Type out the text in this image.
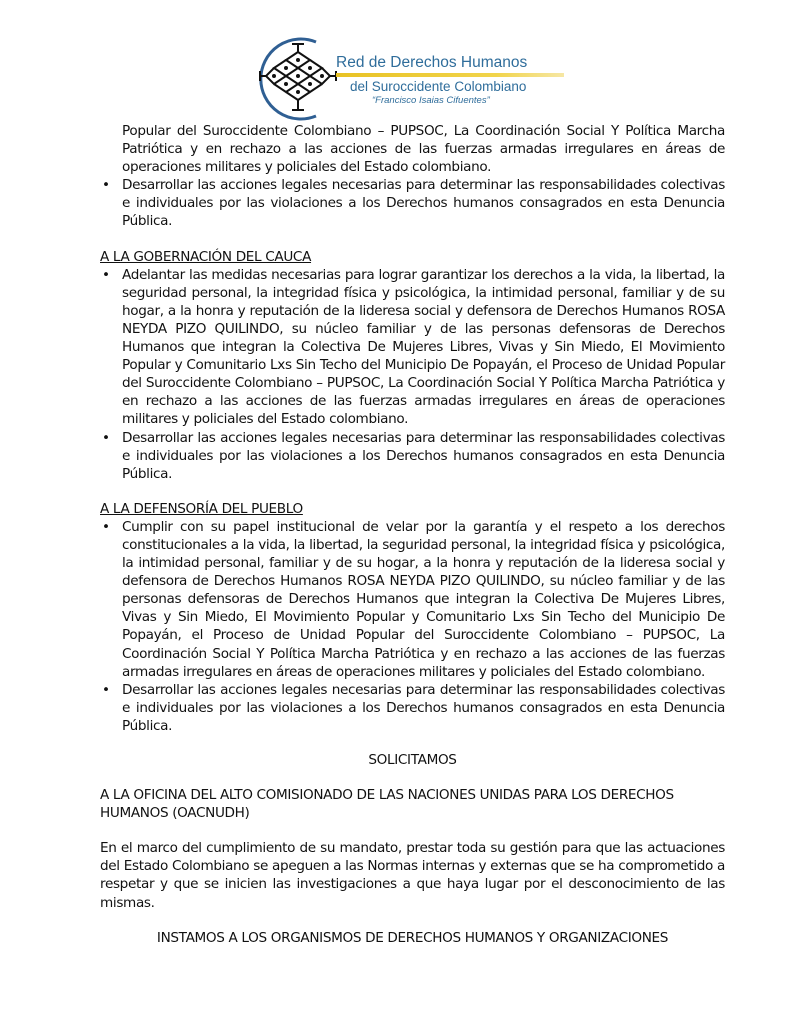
Red de Derechos Humanos
del Suroccidente Colombiano
“Francisco Isaias Cifuentes”
Popular del Suroccidente Colombiano – PUPSOC, La Coordinación Social Y Política Marcha Patriótica y en rechazo a las acciones de las fuerzas armadas irregulares en áreas de operaciones militares y policiales del Estado colombiano.
• Desarrollar las acciones legales necesarias para determinar las responsabilidades colectivas e individuales por las violaciones a los Derechos humanos consagrados en esta Denuncia Pública.
A LA GOBERNACIÓN DEL CAUCA
• Adelantar las medidas necesarias para lograr garantizar los derechos a la vida, la libertad, la seguridad personal, la integridad física y psicológica, la intimidad personal, familiar y de su hogar, a la honra y reputación de la lideresa social y defensora de Derechos Humanos ROSA NEYDA PIZO QUILINDO, su núcleo familiar y de las personas defensoras de Derechos Humanos que integran la Colectiva De Mujeres Libres, Vivas y Sin Miedo, El Movimiento Popular y Comunitario Lxs Sin Techo del Municipio De Popayán, el Proceso de Unidad Popular del Suroccidente Colombiano – PUPSOC, La Coordinación Social Y Política Marcha Patriótica y en rechazo a las acciones de las fuerzas armadas irregulares en áreas de operaciones militares y policiales del Estado colombiano.
• Desarrollar las acciones legales necesarias para determinar las responsabilidades colectivas e individuales por las violaciones a los Derechos humanos consagrados en esta Denuncia Pública.
A LA DEFENSORÍA DEL PUEBLO
• Cumplir con su papel institucional de velar por la garantía y el respeto a los derechos constitucionales a la vida, la libertad, la seguridad personal, la integridad física y psicológica, la intimidad personal, familiar y de su hogar, a la honra y reputación de la lideresa social y defensora de Derechos Humanos ROSA NEYDA PIZO QUILINDO, su núcleo familiar y de las personas defensoras de Derechos Humanos que integran la Colectiva De Mujeres Libres, Vivas y Sin Miedo, El Movimiento Popular y Comunitario Lxs Sin Techo del Municipio De Popayán, el Proceso de Unidad Popular del Suroccidente Colombiano – PUPSOC, La Coordinación Social Y Política Marcha Patriótica y en rechazo a las acciones de las fuerzas armadas irregulares en áreas de operaciones militares y policiales del Estado colombiano.
• Desarrollar las acciones legales necesarias para determinar las responsabilidades colectivas e individuales por las violaciones a los Derechos humanos consagrados en esta Denuncia Pública.
SOLICITAMOS
A LA OFICINA DEL ALTO COMISIONADO DE LAS NACIONES UNIDAS PARA LOS DERECHOS HUMANOS (OACNUDH)
En el marco del cumplimiento de su mandato, prestar toda su gestión para que las actuaciones del Estado Colombiano se apeguen a las Normas internas y externas que se ha comprometido a respetar y que se inicien las investigaciones a que haya lugar por el desconocimiento de las mismas.
INSTAMOS A LOS ORGANISMOS DE DERECHOS HUMANOS Y ORGANIZACIONES
